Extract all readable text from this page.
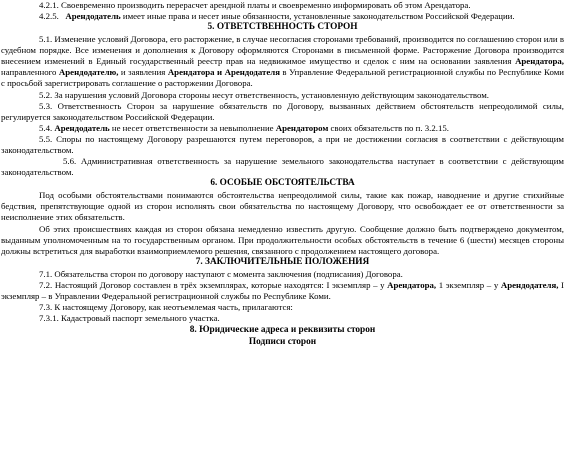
4.2.1. Своевременно производить перерасчет арендной платы и своевременно информировать об этом Арендатора.

4.2.5. Арендодатель имеет иные права и несет иные обязанности, установленные законодательством Российской Федерации.

5. ОТВЕТСТВЕННОСТЬ СТОРОН

5.1. Изменение условий Договора, его расторжение, в случае несогласия сторонами требований, производится по соглашению сторон или в судебном порядке. Все изменения и дополнения к Договору оформляются Сторонами в письменной форме. Расторжение Договора производится внесением изменений в Единый государственный реестр прав на недвижимое имущество и сделок с ним на основании заявления Арендатора, направленного Арендодателю, и заявления Арендатора и Арендодателя в Управление Федеральной регистрационной службы по Республике Коми с просьбой зарегистрировать соглашение о расторжении Договора.

5.2. За нарушения условий Договора стороны несут ответственность, установленную действующим законодательством.

5.3. Ответственность Сторон за нарушение обязательств по Договору, вызванных действием обстоятельств непреодолимой силы, регулируется законодательством Российской Федерации.

5.4. Арендодатель не несет ответственности за невыполнение Арендатором своих обязательств по п. 3.2.15.

5.5. Споры по настоящему Договору разрешаются путем переговоров, а при не достижении согласия в соответствии с действующим законодательством.

5.6. Административная ответственность за нарушение земельного законодательства наступает в соответствии с действующим законодательством.

6. ОСОБЫЕ ОБСТОЯТЕЛЬСТВА

Под особыми обстоятельствами понимаются обстоятельства непреодолимой силы, такие как пожар, наводнение и другие стихийные бедствия, препятствующие одной из сторон исполнять свои обязательства по настоящему Договору, что освобождает ее от ответственности за неисполнение этих обязательств.

Об этих происшествиях каждая из сторон обязана немедленно известить другую. Сообщение должно быть подтверждено документом, выданным уполномоченным на то государственным органом. При продолжительности особых обстоятельств в течение 6 (шести) месяцев стороны должны встретиться для выработки взаимоприемлемого решения, связанного с продолжением настоящего договора.

7. ЗАКЛЮЧИТЕЛЬНЫЕ ПОЛОЖЕНИЯ

7.1. Обязательства сторон по договору наступают с момента заключения (подписания) Договора.

7.2. Настоящий Договор составлен в трёх экземплярах, которые находятся: I экземпляр – у Арендатора, 1 экземпляр – у Арендодателя, I экземпляр – в Управлении Федеральной регистрационной службы по Республике Коми.

7.3. К настоящему Договору, как неотъемлемая часть, прилагаются:

7.3.1. Кадастровый паспорт земельного участка.

8. Юридические адреса и реквизиты сторон

Подписи сторон
